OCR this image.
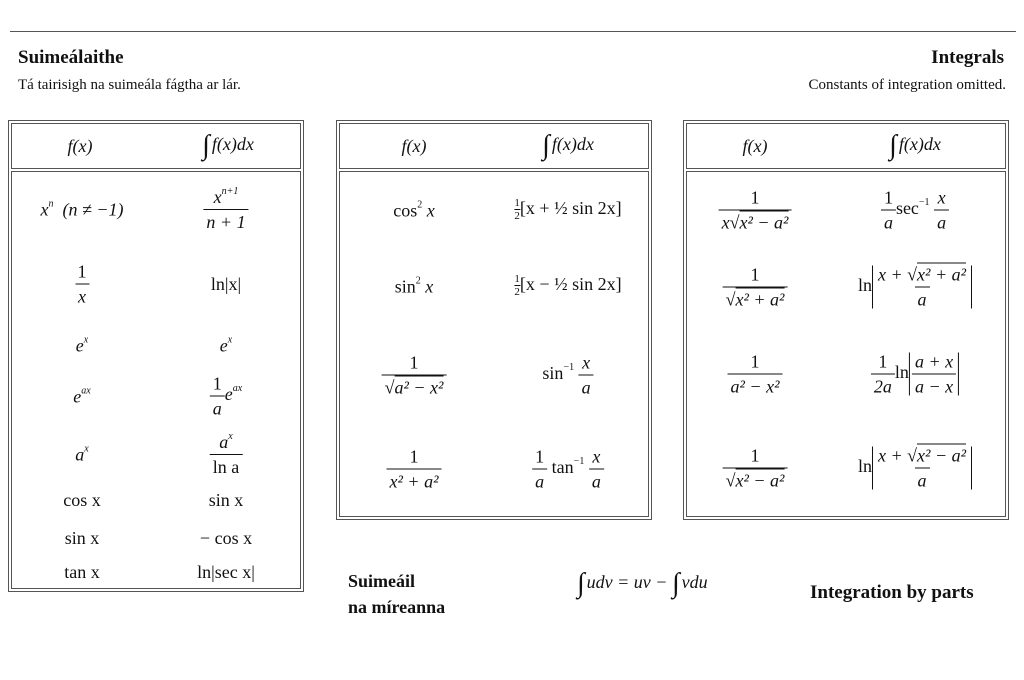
Suimeálaithe	Integrals
Tá tairisigh na suimeála fágtha ar lár.	Constants of integration omitted.
f(x)	∫ f(x)dx
$x^n$ (n ≠ −1)	$\frac{x^{n+1}}{n + 1}$
$\frac{1}{x}$	ln|x|
$e^x$	$e^x$
$e^{ax}$	$\frac{1}{a} e^{ax}$
$a^x$	$\frac{a^x}{\text{ln a}}$
cos x	sin x
sin x	− cos x
tan x	ln|sec x|
f(x)	∫ f(x)dx
$\cos^2 x$	$\frac{1}{2} [x$ + ½ sin 2x]
$\sin^2 x$	$\frac{1}{2} [x$ − ½ sin 2x]
$\frac{1}{\text{√a² − x²}}$	$\sin^{-1} \frac{x}{a}$
$\frac{1}{\text{x² + a²}}$	$\frac{1}{a} \tan^{-1} \frac{x}{a}$
f(x)	∫ f(x)dx
$\frac{1}{\text{x√x² − a²}}$	$\frac{1}{a} \sec^{-1} \frac{x}{a}$
$\frac{1}{\text{√x² + a²}}$	$\ln \frac{\text{x + √x² + a²}}{a}$
$\frac{1}{\text{a² − x²}}$	$\frac{1}{2a}$ $\ln \frac{a + x}{a - x}$
$\frac{1}{\text{√x² − a²}}$	$\ln \frac{\text{x + √x² − a²}}{a}$
Suimeáil
na míreanna
∫ udv = uv − ∫ vdu	Integration by parts
